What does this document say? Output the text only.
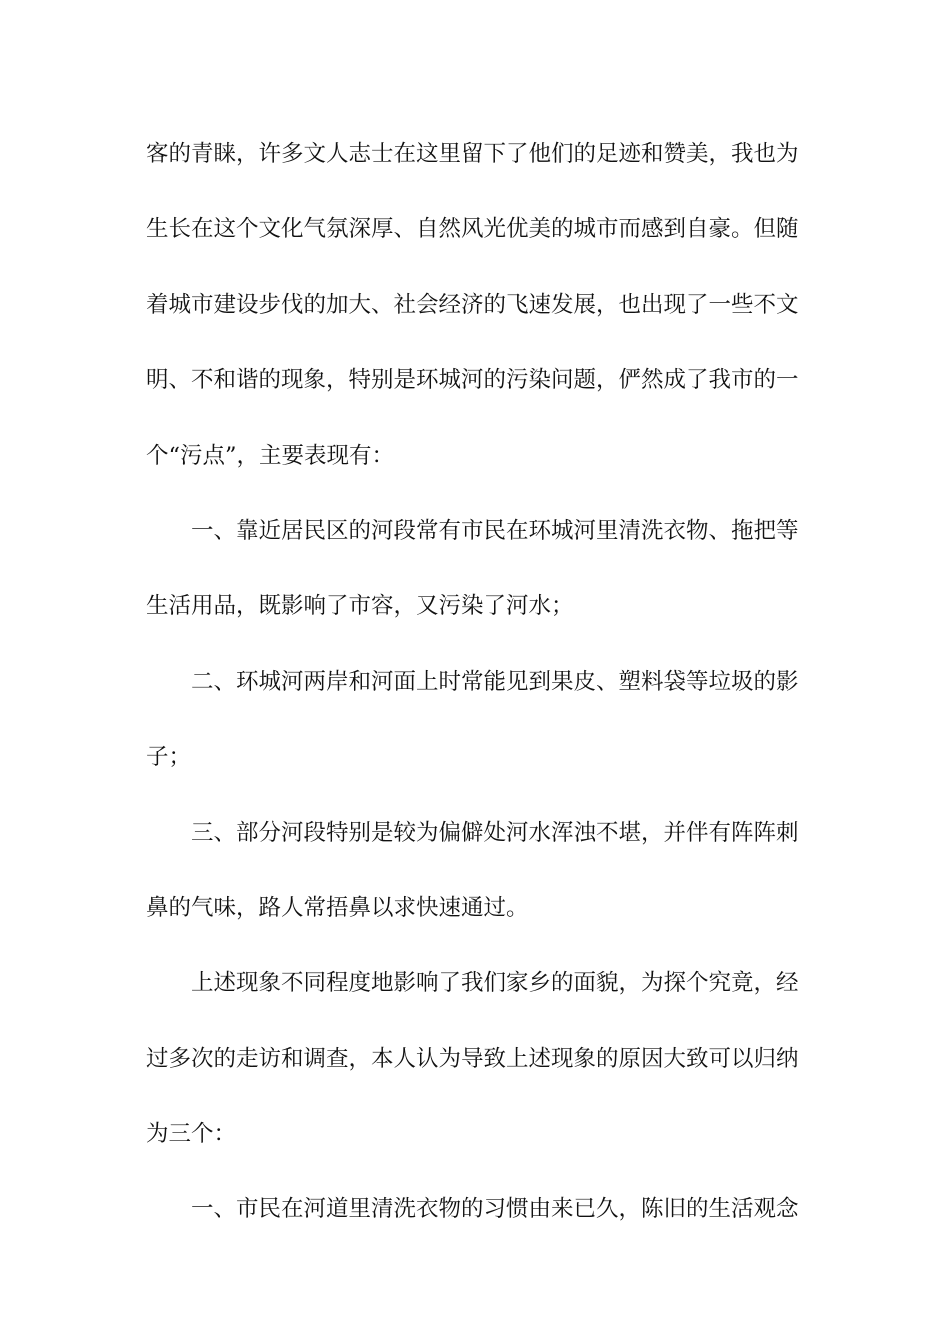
客的青睐，许多文人志士在这里留下了他们的足迹和赞美，我也为
生长在这个文化气氛深厚、自然风光优美的城市而感到自豪。但随
着城市建设步伐的加大、社会经济的飞速发展，也出现了一些不文
明、不和谐的现象，特别是环城河的污染问题，俨然成了我市的一
个“污点”，主要表现有：
一、靠近居民区的河段常有市民在环城河里清洗衣物、拖把等
生活用品，既影响了市容，又污染了河水；
二、环城河两岸和河面上时常能见到果皮、塑料袋等垃圾的影
子；
三、部分河段特别是较为偏僻处河水浑浊不堪，并伴有阵阵刺
鼻的气味，路人常捂鼻以求快速通过。
上述现象不同程度地影响了我们家乡的面貌，为探个究竟，经
过多次的走访和调查，本人认为导致上述现象的原因大致可以归纳
为三个：
一、市民在河道里清洗衣物的习惯由来已久，陈旧的生活观念
